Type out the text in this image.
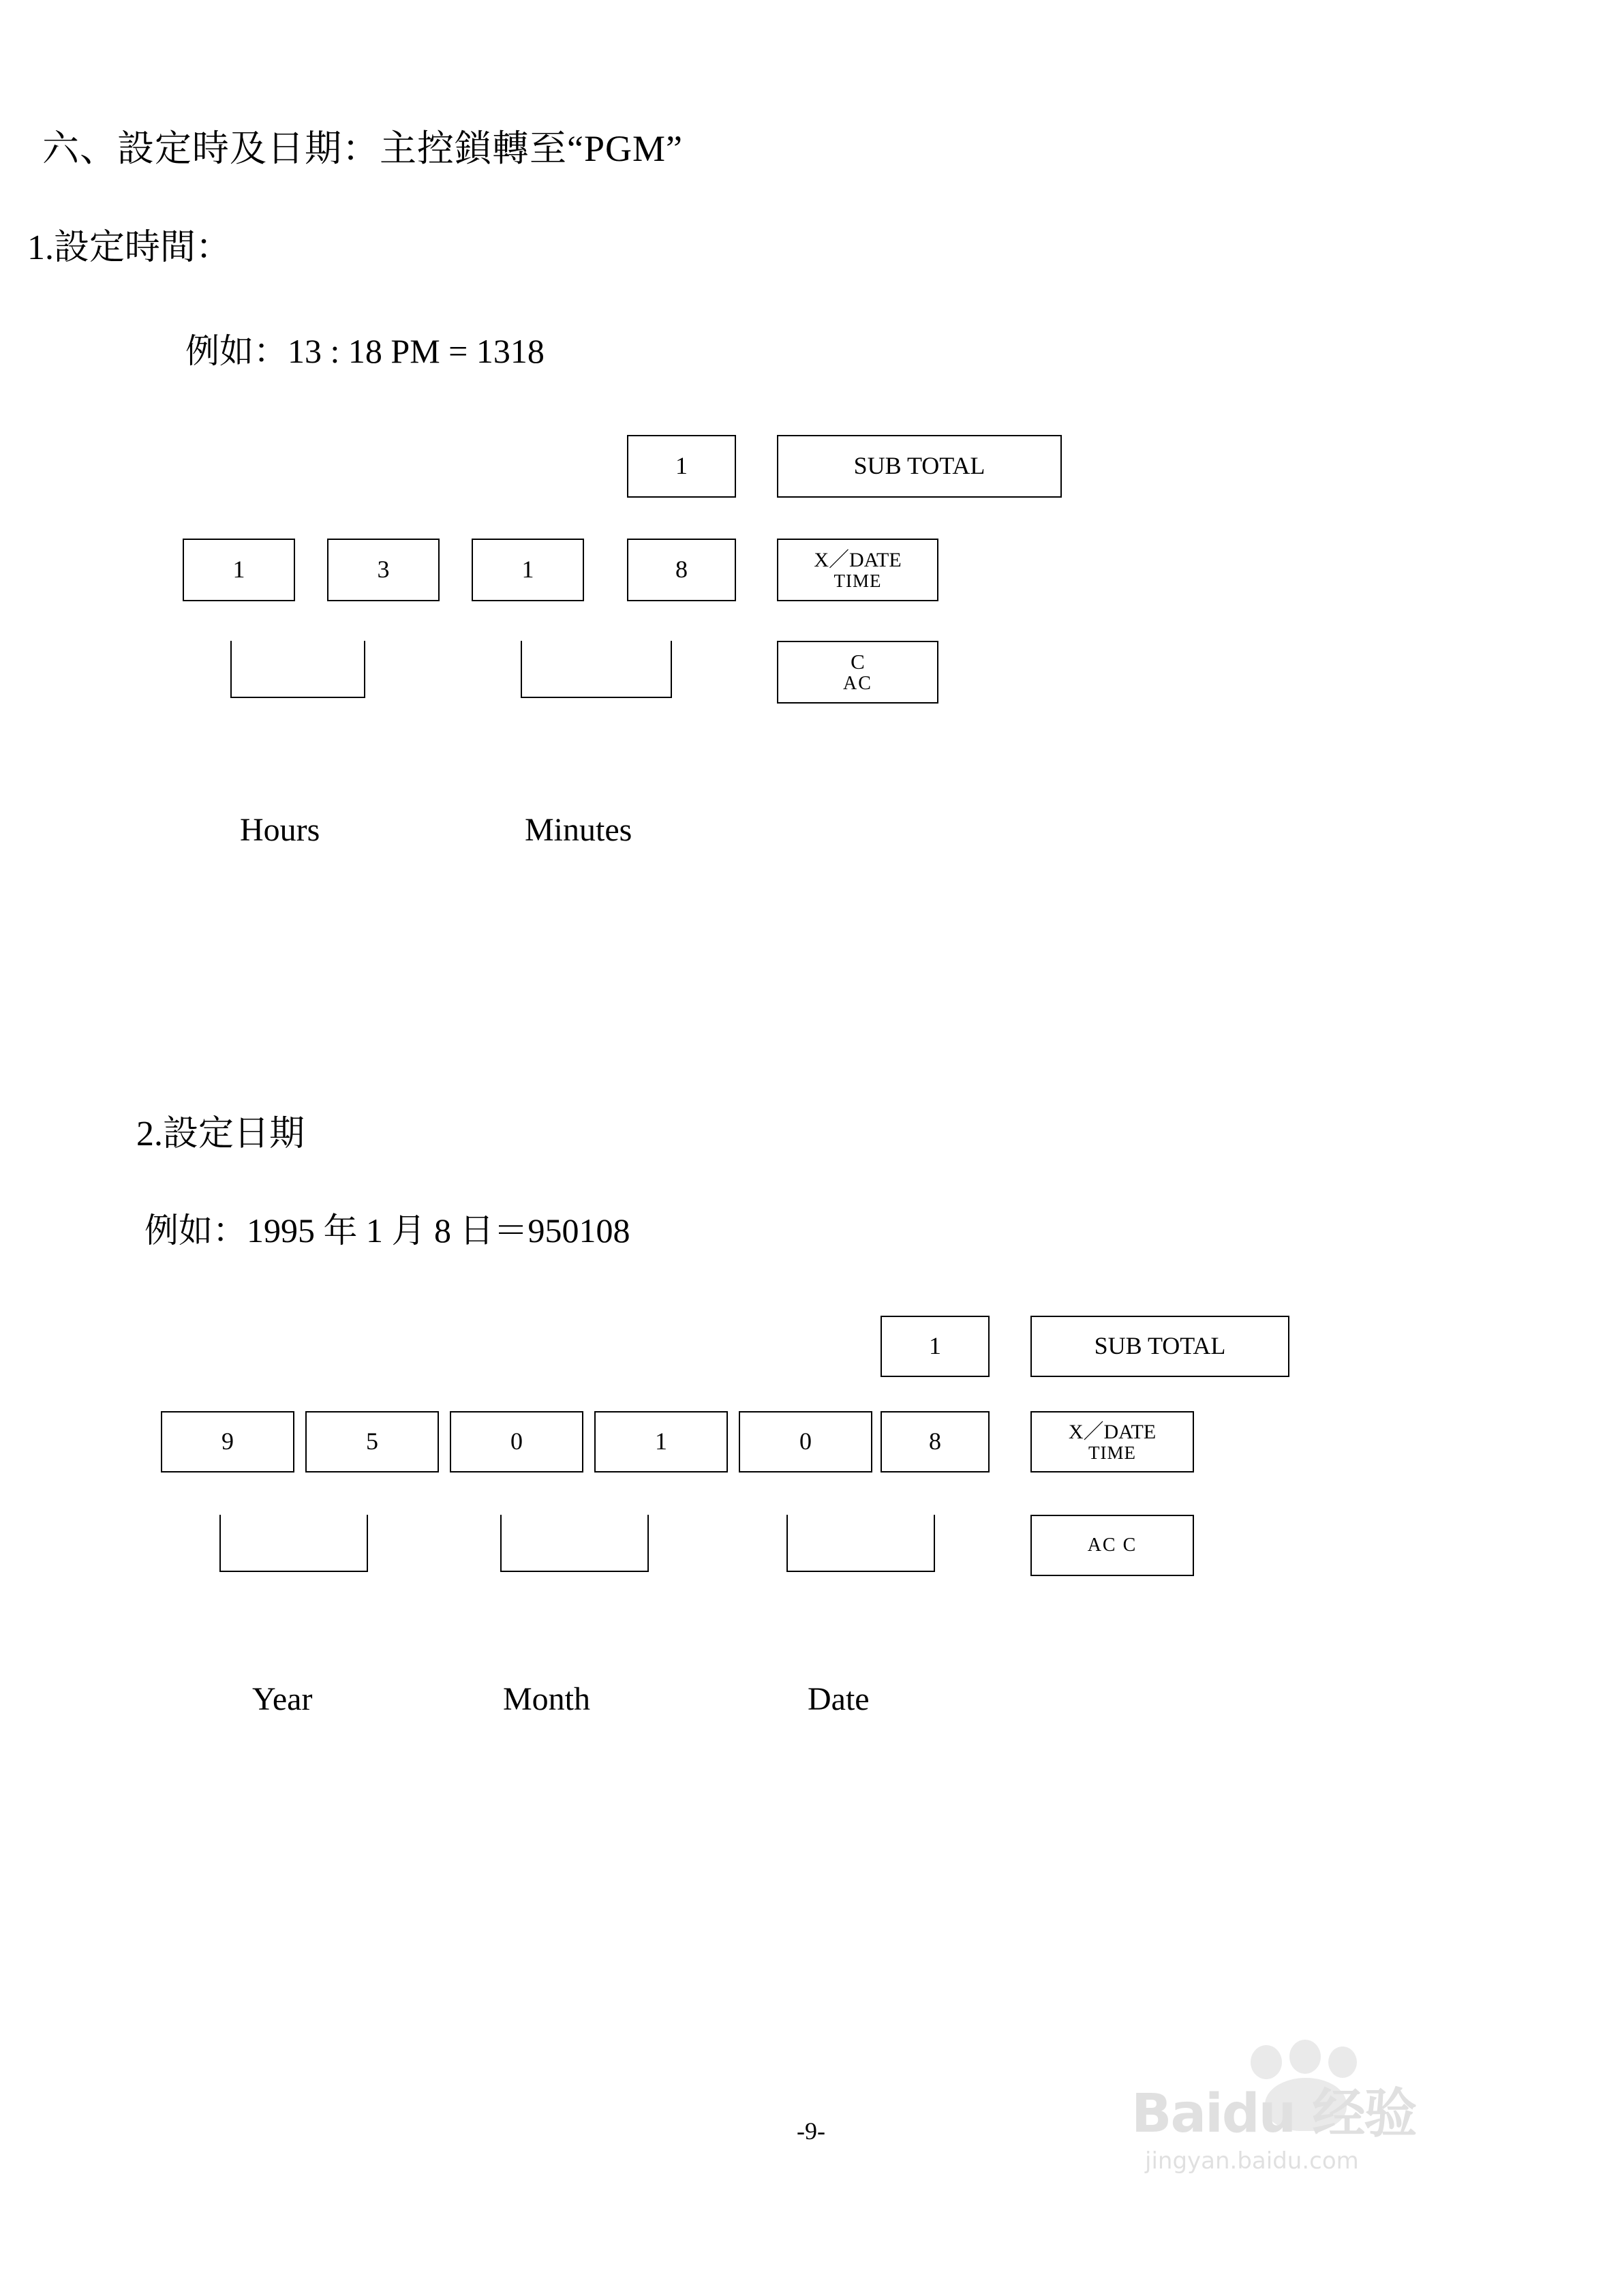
六、設定時及日期：主控鎖轉至“PGM”
1.設定時間：
例如：13 : 18 PM = 1318
1	SUB TOTAL
1	3	1	8	X／DATE
TIME
C
AC
Hours	Minutes
2.設定日期
例如：1995 年 1 月 8 日＝950108
1	SUB TOTAL
9	5	0	1	0	8	X／DATE
TIME
AC C
Year	Month	Date
-9-	Baidu 经验
jingyan.baidu.com
